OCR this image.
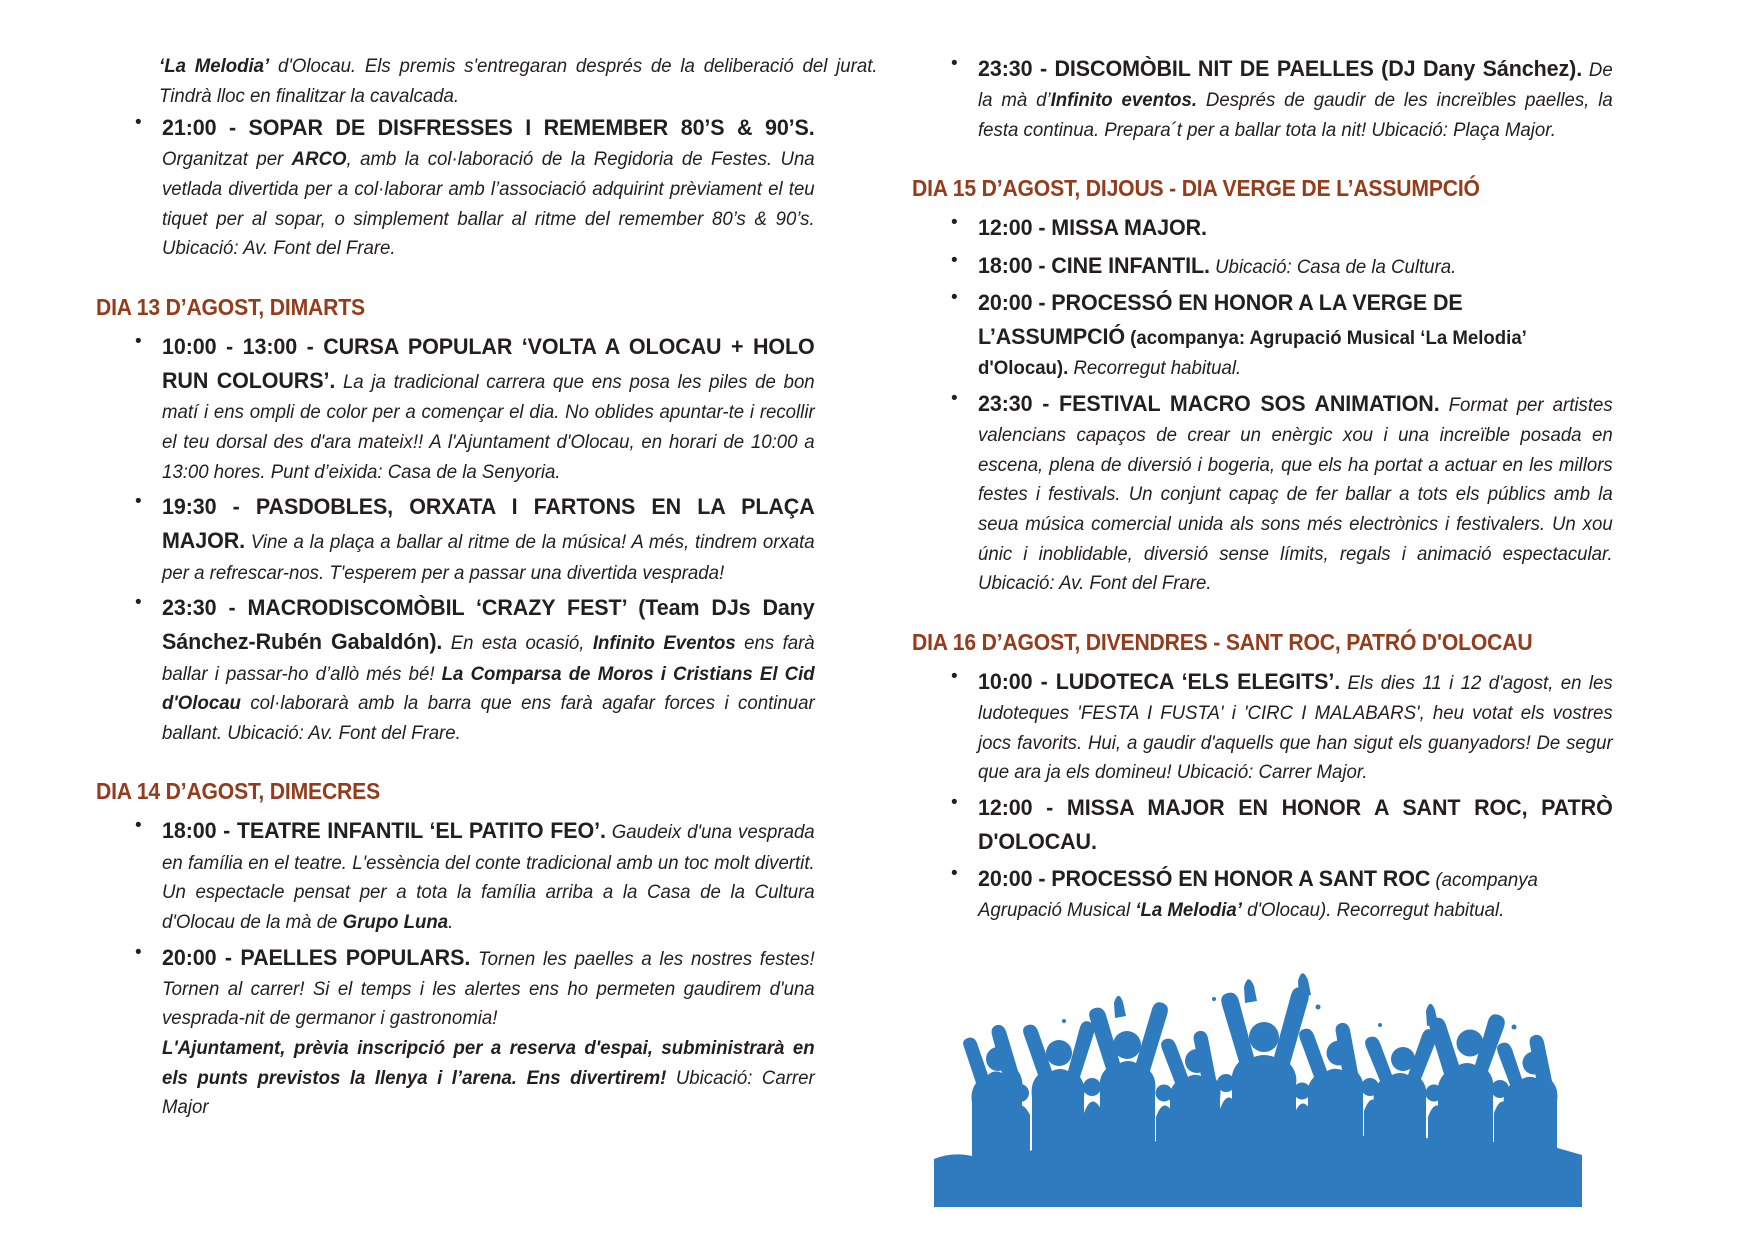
‘La Melodia’ d'Olocau. Els premis s'entregaran després de la deliberació del jurat. Tindrà lloc en finalitzar la cavalcada.

• 21:00 - SOPAR DE DISFRESSES I REMEMBER 80’S & 90’S. Organitzat per ARCO, amb la col·laboració de la Regidoria de Festes. Una vetlada divertida per a col·laborar amb l’associació adquirint prèviament el teu tiquet per al sopar, o simplement ballar al ritme del remember 80’s & 90’s. Ubicació: Av. Font del Frare.
DIA 13 D’AGOST, DIMARTS
• 10:00 - 13:00 - CURSA POPULAR ‘VOLTA A OLOCAU + HOLO RUN COLOURS’. La ja tradicional carrera que ens posa les piles de bon matí i ens ompli de color per a començar el dia. No oblides apuntar-te i recollir el teu dorsal des d'ara mateix!! A l'Ajuntament d'Olocau, en horari de 10:00 a 13:00 hores. Punt d’eixida: Casa de la Senyoria.
• 19:30 - PASDOBLES, ORXATA I FARTONS EN LA PLAÇA MAJOR. Vine a la plaça a ballar al ritme de la música! A més, tindrem orxata per a refrescar-nos. T'esperem per a passar una divertida vesprada!
• 23:30 - MACRODISCOMÒBIL ‘CRAZY FEST’ (Team DJs Dany Sánchez-Rubén Gabaldón). En esta ocasió, Infinito Eventos ens farà ballar i passar-ho d’allò més bé! La Comparsa de Moros i Cristians El Cid d'Olocau col·laborarà amb la barra que ens farà agafar forces i continuar ballant. Ubicació: Av. Font del Frare.
DIA 14 D’AGOST, DIMECRES
• 18:00 - TEATRE INFANTIL ‘EL PATITO FEO’. Gaudeix d'una vesprada en família en el teatre. L'essència del conte tradicional amb un toc molt divertit. Un espectacle pensat per a tota la família arriba a la Casa de la Cultura d'Olocau de la mà de Grupo Luna.
• 20:00 - PAELLES POPULARS. Tornen les paelles a les nostres festes! Tornen al carrer! Si el temps i les alertes ens ho permeten gaudirem d'una vesprada-nit de germanor i gastronomia!
L'Ajuntament, prèvia inscripció per a reserva d'espai, subministrarà en els punts previstos la llenya i l’arena. Ens divertirem! Ubicació: Carrer Major
• 23:30 - DISCOMÒBIL NIT DE PAELLES (DJ Dany Sánchez). De la mà d’Infinito eventos. Després de gaudir de les increïbles paelles, la festa continua. Prepara´t per a ballar tota la nit! Ubicació: Plaça Major.
DIA 15 D’AGOST, DIJOUS - DIA VERGE DE L’ASSUMPCIÓ
• 12:00 - MISSA MAJOR.
• 18:00 - CINE INFANTIL. Ubicació: Casa de la Cultura.
• 20:00 - PROCESSÓ EN HONOR A LA VERGE DE L’ASSUMPCIÓ (acompanya: Agrupació Musical ‘La Melodia’ d'Olocau). Recorregut habitual.
• 23:30 - FESTIVAL MACRO SOS ANIMATION. Format per artistes valencians capaços de crear un enèrgic xou i una increïble posada en escena, plena de diversió i bogeria, que els ha portat a actuar en les millors festes i festivals. Un conjunt capaç de fer ballar a tots els públics amb la seua música comercial unida als sons més electrònics i festivalers. Un xou únic i inoblidable, diversió sense límits, regals i animació espectacular. Ubicació: Av. Font del Frare.
DIA 16 D’AGOST, DIVENDRES - SANT ROC, PATRÓ D'OLOCAU
• 10:00 - LUDOTECA ‘ELS ELEGITS’. Els dies 11 i 12 d'agost, en les ludoteques 'FESTA I FUSTA' i 'CIRC I MALABARS', heu votat els vostres jocs favorits. Hui, a gaudir d'aquells que han sigut els guanyadors! De segur que ara ja els domineu! Ubicació: Carrer Major.
• 12:00 - MISSA MAJOR EN HONOR A SANT ROC, PATRÒ D'OLOCAU.
• 20:00 - PROCESSÓ EN HONOR A SANT ROC (acompanya Agrupació Musical ‘La Melodia’ d'Olocau). Recorregut habitual.
